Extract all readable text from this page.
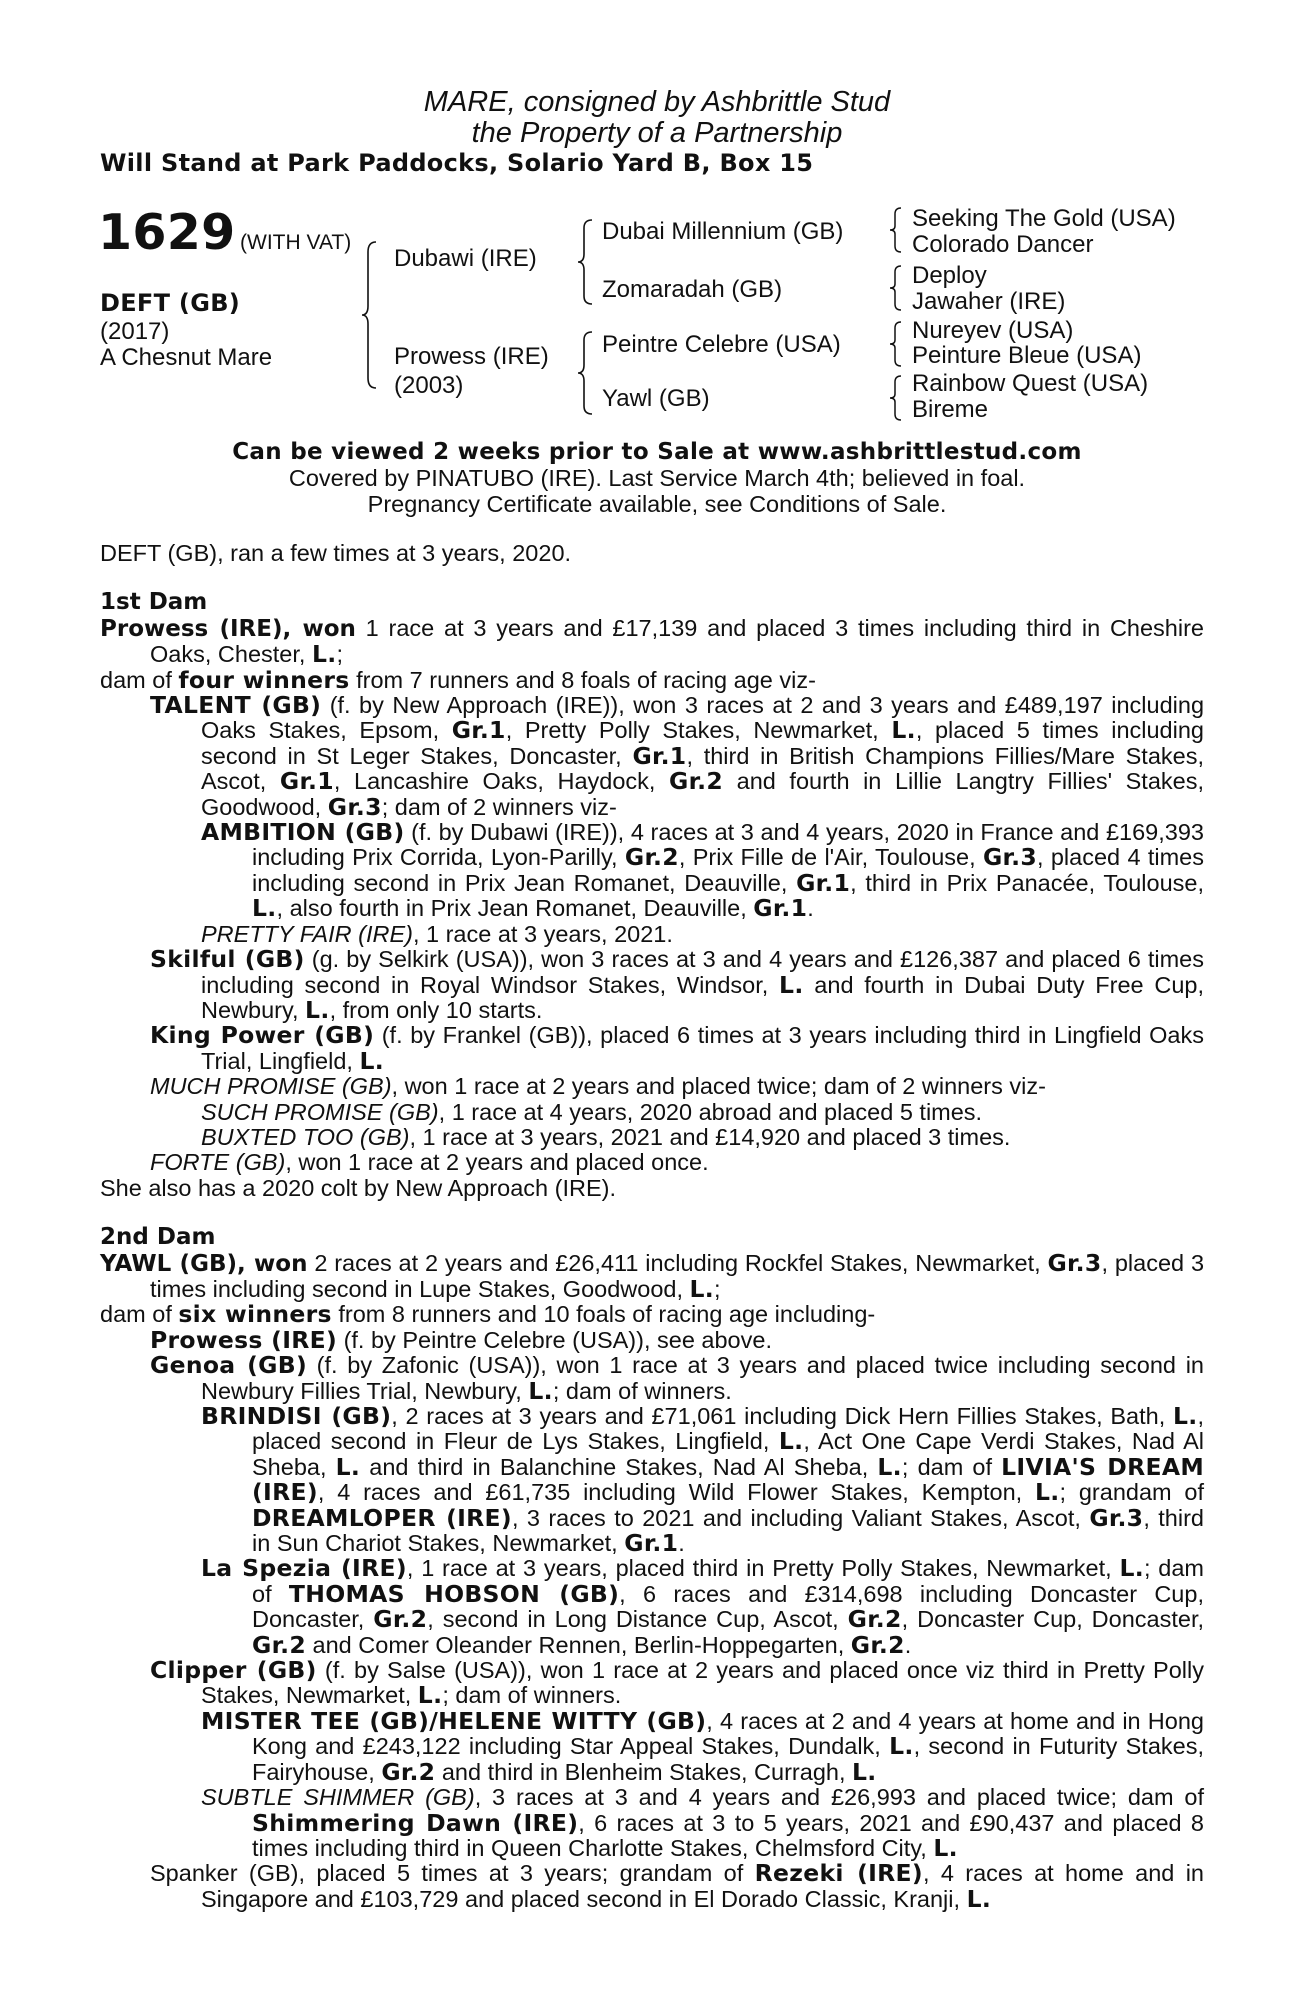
MARE, consigned by Ashbrittle Stud
the Property of a Partnership
Will Stand at Park Paddocks, Solario Yard B, Box 15
1629 (WITH VAT)
DEFT (GB)
(2017)
A Chesnut Mare
Dubawi (IRE)
Prowess (IRE)
(2003)
Dubai Millennium (GB)
Zomaradah (GB)
Peintre Celebre (USA)
Yawl (GB)
Seeking The Gold (USA)
Colorado Dancer
Deploy
Jawaher (IRE)
Nureyev (USA)
Peinture Bleue (USA)
Rainbow Quest (USA)
Bireme
Can be viewed 2 weeks prior to Sale at www.ashbrittlestud.com
Covered by PINATUBO (IRE). Last Service March 4th; believed in foal.
Pregnancy Certificate available, see Conditions of Sale.

DEFT (GB), ran a few times at 3 years, 2020.

1st Dam

Prowess (IRE), won 1 race at 3 years and £17,139 and placed 3 times including third in Cheshire Oaks, Chester, L.;

dam of four winners from 7 runners and 8 foals of racing age viz-

TALENT (GB) (f. by New Approach (IRE)), won 3 races at 2 and 3 years and £489,197 including Oaks Stakes, Epsom, Gr.1, Pretty Polly Stakes, Newmarket, L., placed 5 times including second in St Leger Stakes, Doncaster, Gr.1, third in British Champions Fillies/Mare Stakes, Ascot, Gr.1, Lancashire Oaks, Haydock, Gr.2 and fourth in Lillie Langtry Fillies' Stakes, Goodwood, Gr.3; dam of 2 winners viz-

AMBITION (GB) (f. by Dubawi (IRE)), 4 races at 3 and 4 years, 2020 in France and £169,393 including Prix Corrida, Lyon-Parilly, Gr.2, Prix Fille de l'Air, Toulouse, Gr.3, placed 4 times including second in Prix Jean Romanet, Deauville, Gr.1, third in Prix Panacée, Toulouse, L., also fourth in Prix Jean Romanet, Deauville, Gr.1.

PRETTY FAIR (IRE), 1 race at 3 years, 2021.

Skilful (GB) (g. by Selkirk (USA)), won 3 races at 3 and 4 years and £126,387 and placed 6 times including second in Royal Windsor Stakes, Windsor, L. and fourth in Dubai Duty Free Cup, Newbury, L., from only 10 starts.

King Power (GB) (f. by Frankel (GB)), placed 6 times at 3 years including third in Lingfield Oaks Trial, Lingfield, L.

MUCH PROMISE (GB), won 1 race at 2 years and placed twice; dam of 2 winners viz-

SUCH PROMISE (GB), 1 race at 4 years, 2020 abroad and placed 5 times.

BUXTED TOO (GB), 1 race at 3 years, 2021 and £14,920 and placed 3 times.

FORTE (GB), won 1 race at 2 years and placed once.

She also has a 2020 colt by New Approach (IRE).

2nd Dam

YAWL (GB), won 2 races at 2 years and £26,411 including Rockfel Stakes, Newmarket, Gr.3, placed 3 times including second in Lupe Stakes, Goodwood, L.;

dam of six winners from 8 runners and 10 foals of racing age including-

Prowess (IRE) (f. by Peintre Celebre (USA)), see above.

Genoa (GB) (f. by Zafonic (USA)), won 1 race at 3 years and placed twice including second in Newbury Fillies Trial, Newbury, L.; dam of winners.

BRINDISI (GB), 2 races at 3 years and £71,061 including Dick Hern Fillies Stakes, Bath, L., placed second in Fleur de Lys Stakes, Lingfield, L., Act One Cape Verdi Stakes, Nad Al Sheba, L. and third in Balanchine Stakes, Nad Al Sheba, L.; dam of LIVIA'S DREAM (IRE), 4 races and £61,735 including Wild Flower Stakes, Kempton, L.; grandam of DREAMLOPER (IRE), 3 races to 2021 and including Valiant Stakes, Ascot, Gr.3, third in Sun Chariot Stakes, Newmarket, Gr.1.

La Spezia (IRE), 1 race at 3 years, placed third in Pretty Polly Stakes, Newmarket, L.; dam of THOMAS HOBSON (GB), 6 races and £314,698 including Doncaster Cup, Doncaster, Gr.2, second in Long Distance Cup, Ascot, Gr.2, Doncaster Cup, Doncaster, Gr.2 and Comer Oleander Rennen, Berlin-Hoppegarten, Gr.2.

Clipper (GB) (f. by Salse (USA)), won 1 race at 2 years and placed once viz third in Pretty Polly Stakes, Newmarket, L.; dam of winners.

MISTER TEE (GB)/HELENE WITTY (GB), 4 races at 2 and 4 years at home and in Hong Kong and £243,122 including Star Appeal Stakes, Dundalk, L., second in Futurity Stakes, Fairyhouse, Gr.2 and third in Blenheim Stakes, Curragh, L.

SUBTLE SHIMMER (GB), 3 races at 3 and 4 years and £26,993 and placed twice; dam of Shimmering Dawn (IRE), 6 races at 3 to 5 years, 2021 and £90,437 and placed 8 times including third in Queen Charlotte Stakes, Chelmsford City, L.

Spanker (GB), placed 5 times at 3 years; grandam of Rezeki (IRE), 4 races at home and in Singapore and £103,729 and placed second in El Dorado Classic, Kranji, L.
